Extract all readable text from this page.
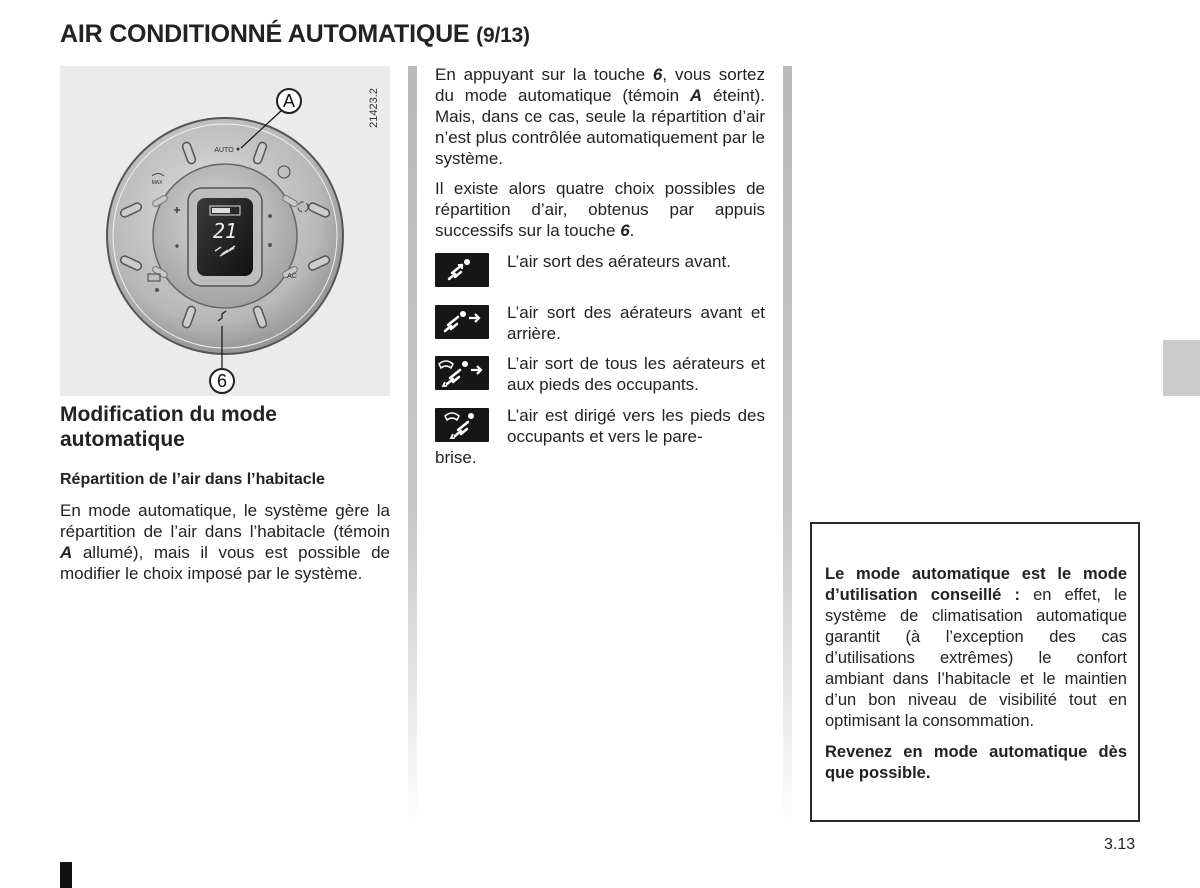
AIR CONDITIONNÉ AUTOMATIQUE (9/13)
21
AUTO
AC
MAX
21423.2
A
6
Modification du mode automatique
Répartition de l’air dans l’habitacle
En mode automatique, le système gère la répartition de l’air dans l’habitacle (témoin A allumé), mais il vous est possible de modifier le choix imposé par le système.
En appuyant sur la touche 6, vous sortez du mode automatique (témoin A éteint). Mais, dans ce cas, seule la répartition d’air n’est plus contrôlée automatiquement par le système.
Il existe alors quatre choix possibles de répartition d’air, obtenus par appuis successifs sur la touche 6.
L’air sort des aérateurs avant.
L’air sort des aérateurs avant et arrière.
L’air sort de tous les aérateurs et aux pieds des occupants.
L’air est dirigé vers les pieds des occupants et vers le pare-
brise.
Le mode automatique est le mode d’utilisation conseillé : en effet, le système de climatisation automatique garantit (à l’exception des cas d’utilisations extrêmes) le confort ambiant dans l’habitacle et le maintien d’un bon niveau de visibilité tout en optimisant la consommation.
Revenez en mode automatique dès que possible.
3.13
